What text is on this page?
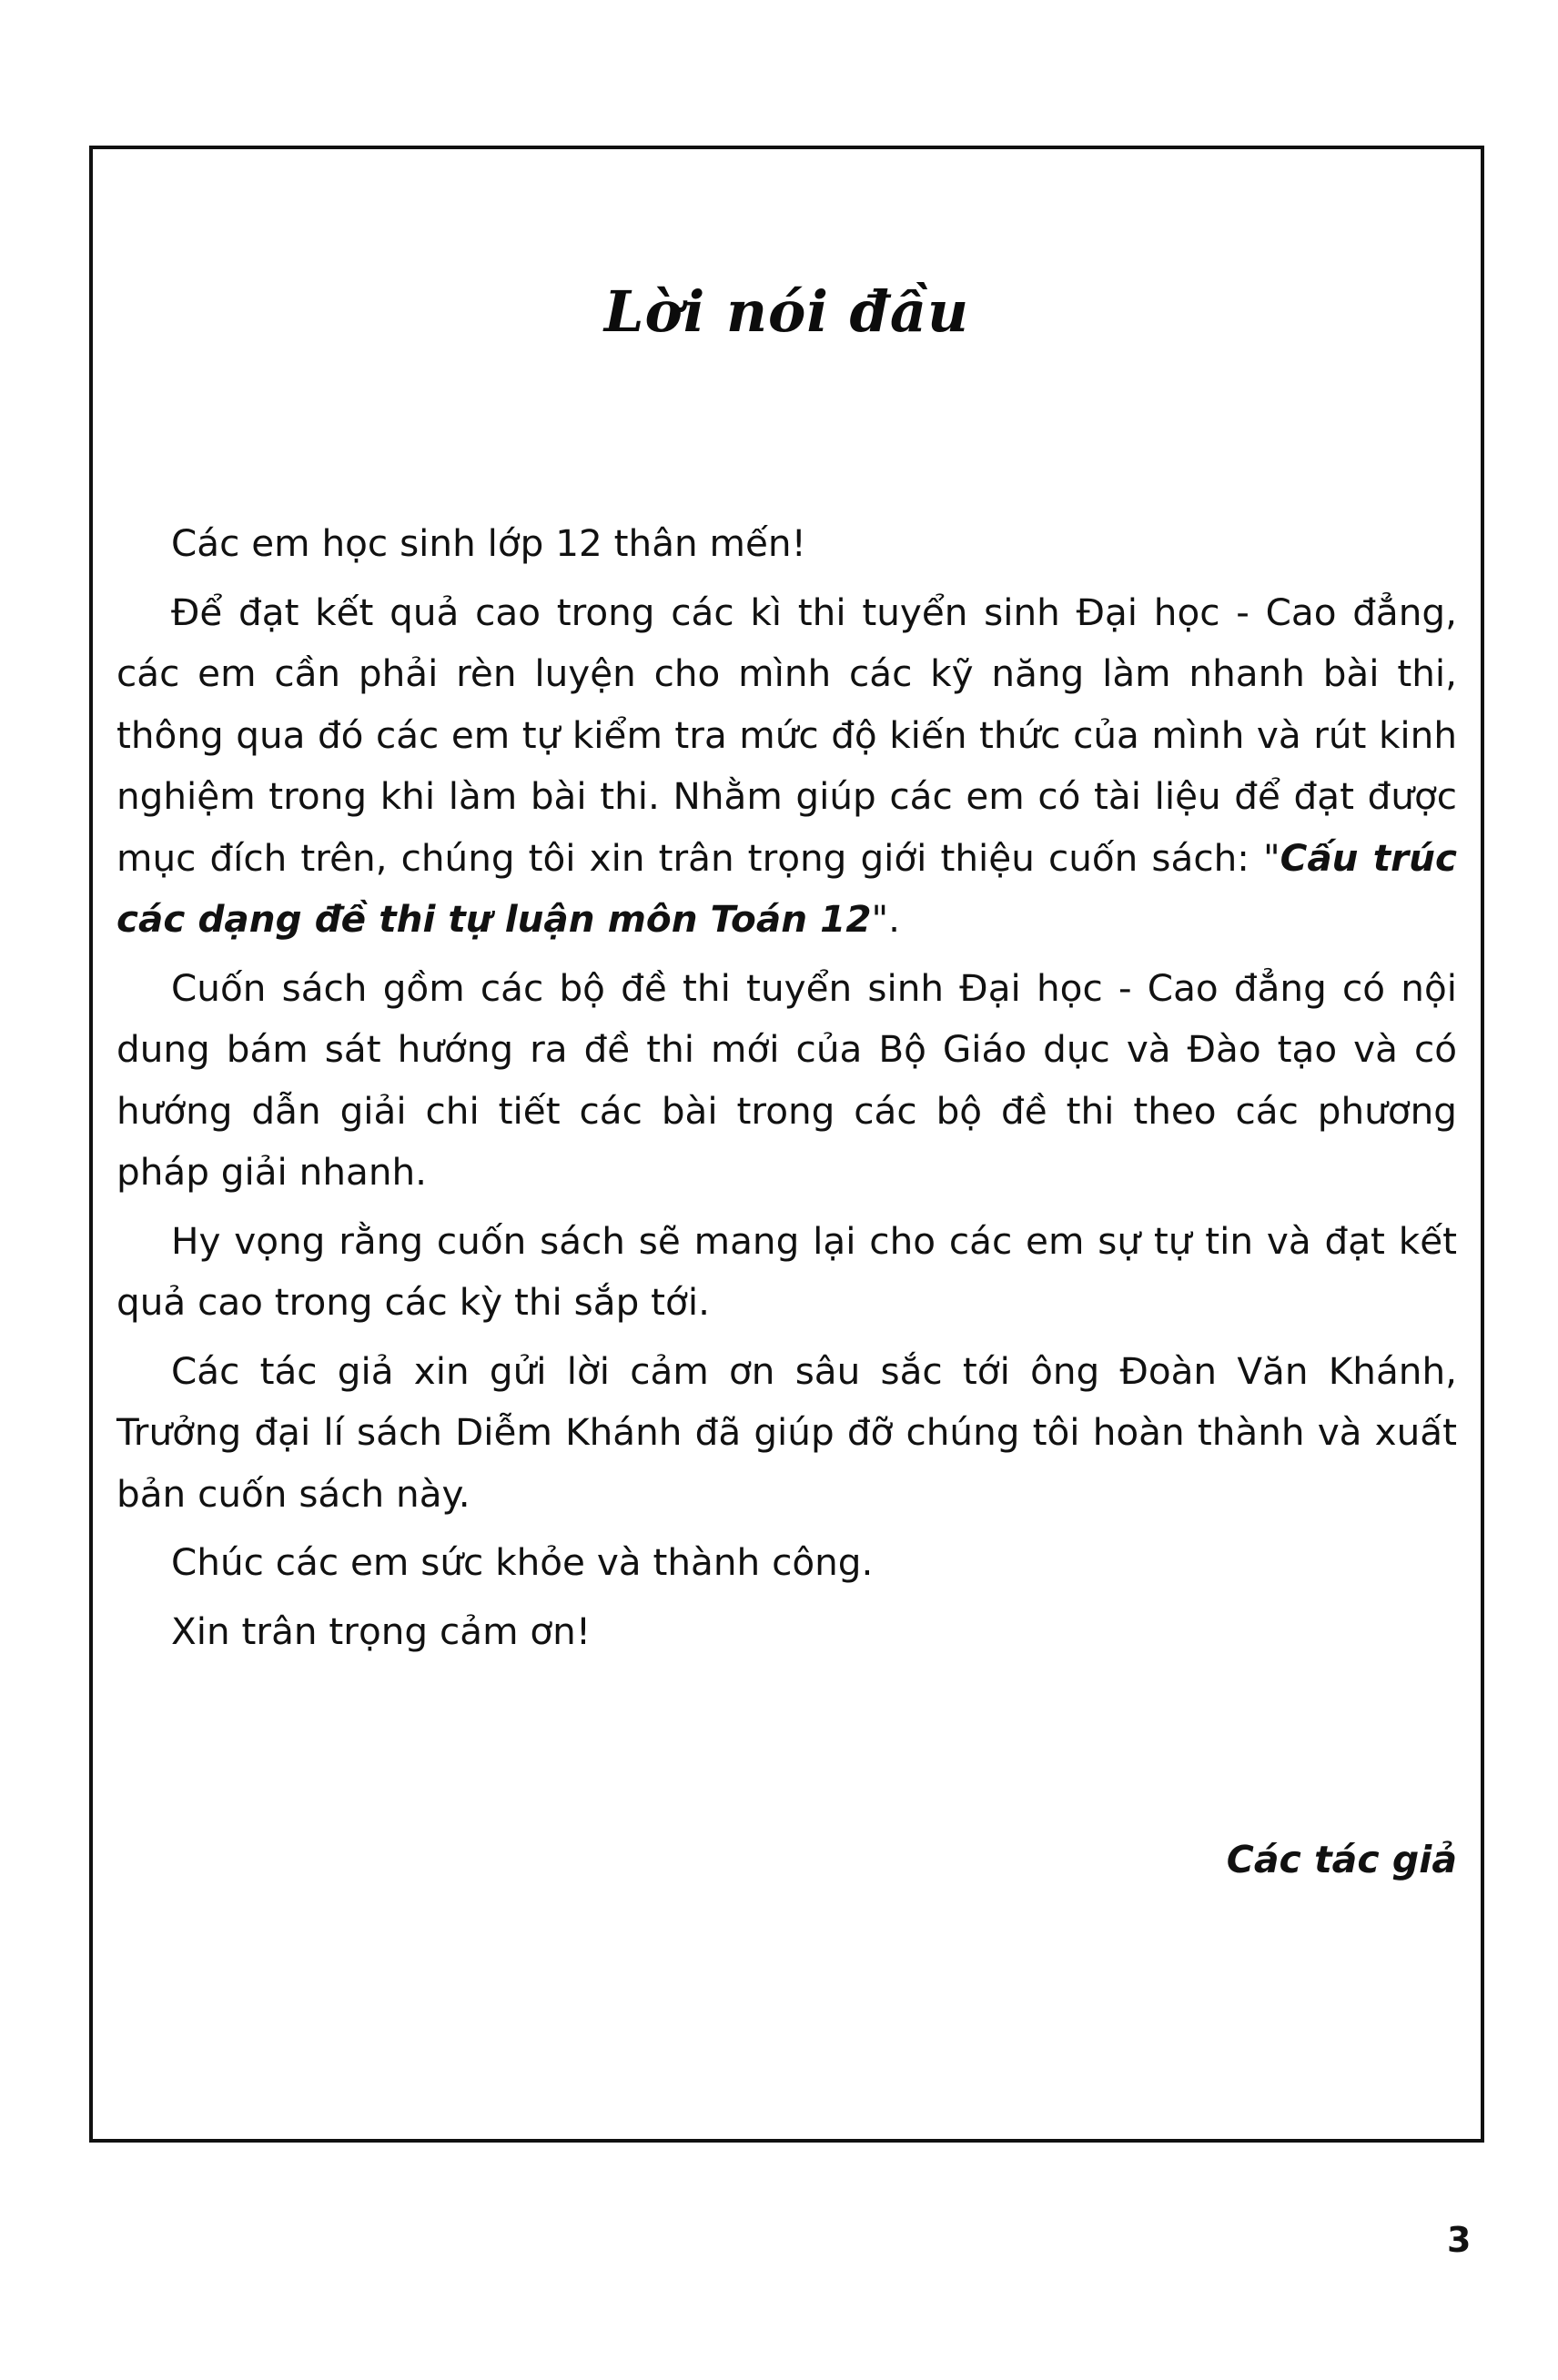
Lời nói đầu

Các em học sinh lớp 12 thân mến!

Để đạt kết quả cao trong các kì thi tuyển sinh Đại học - Cao đẳng, các em cần phải rèn luyện cho mình các kỹ năng làm nhanh bài thi, thông qua đó các em tự kiểm tra mức độ kiến thức của mình và rút kinh nghiệm trong khi làm bài thi. Nhằm giúp các em có tài liệu để đạt được mục đích trên, chúng tôi xin trân trọng giới thiệu cuốn sách: "Cấu trúc các dạng đề thi tự luận môn Toán 12".

Cuốn sách gồm các bộ đề thi tuyển sinh Đại học - Cao đẳng có nội dung bám sát hướng ra đề thi mới của Bộ Giáo dục và Đào tạo và có hướng dẫn giải chi tiết các bài trong các bộ đề thi theo các phương pháp giải nhanh.

Hy vọng rằng cuốn sách sẽ mang lại cho các em sự tự tin và đạt kết quả cao trong các kỳ thi sắp tới.

Các tác giả xin gửi lời cảm ơn sâu sắc tới ông Đoàn Văn Khánh, Trưởng đại lí sách Diễm Khánh đã giúp đỡ chúng tôi hoàn thành và xuất bản cuốn sách này.

Chúc các em sức khỏe và thành công.

Xin trân trọng cảm ơn!

Các tác giả
3
